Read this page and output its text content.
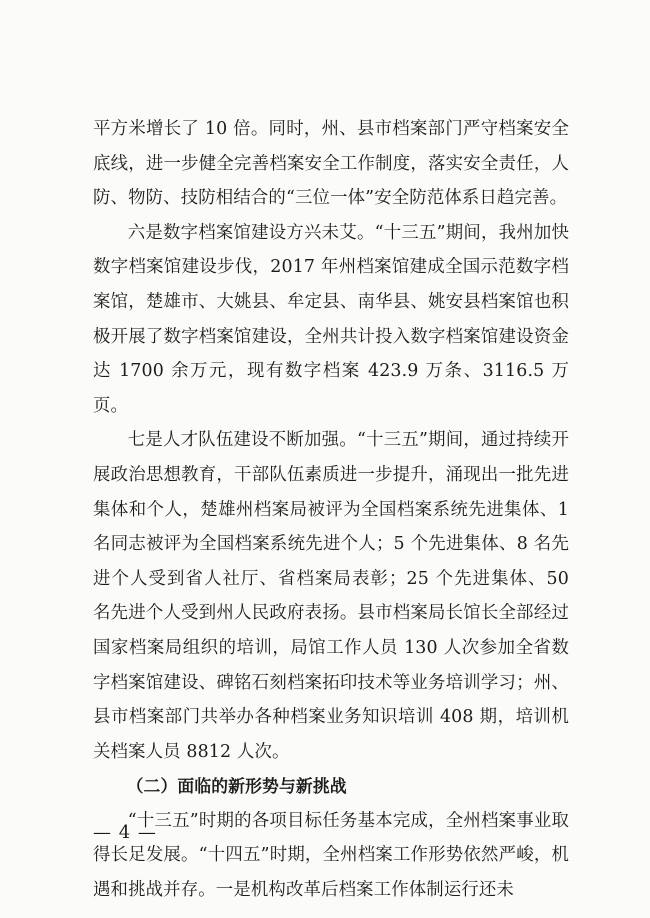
平方米增长了 10 倍。同时，州、县市档案部门严守档案安全底线，进一步健全完善档案安全工作制度，落实安全责任，人防、物防、技防相结合的“三位一体”安全防范体系日趋完善。

六是数字档案馆建设方兴未艾。“十三五”期间，我州加快数字档案馆建设步伐，2017 年州档案馆建成全国示范数字档案馆，楚雄市、大姚县、牟定县、南华县、姚安县档案馆也积极开展了数字档案馆建设，全州共计投入数字档案馆建设资金达 1700 余万元，现有数字档案 423.9 万条、3116.5 万页。

七是人才队伍建设不断加强。“十三五”期间，通过持续开展政治思想教育，干部队伍素质进一步提升，涌现出一批先进集体和个人，楚雄州档案局被评为全国档案系统先进集体、1 名同志被评为全国档案系统先进个人；5 个先进集体、8 名先进个人受到省人社厅、省档案局表彰；25 个先进集体、50 名先进个人受到州人民政府表扬。县市档案局长馆长全部经过国家档案局组织的培训，局馆工作人员 130 人次参加全省数字档案馆建设、碑铭石刻档案拓印技术等业务培训学习；州、县市档案部门共举办各种档案业务知识培训 408 期，培训机关档案人员 8812 人次。

（二）面临的新形势与新挑战

“十三五”时期的各项目标任务基本完成，全州档案事业取得长足发展。“十四五”时期，全州档案工作形势依然严峻，机遇和挑战并存。一是机构改革后档案工作体制运行还未

— 4 —
